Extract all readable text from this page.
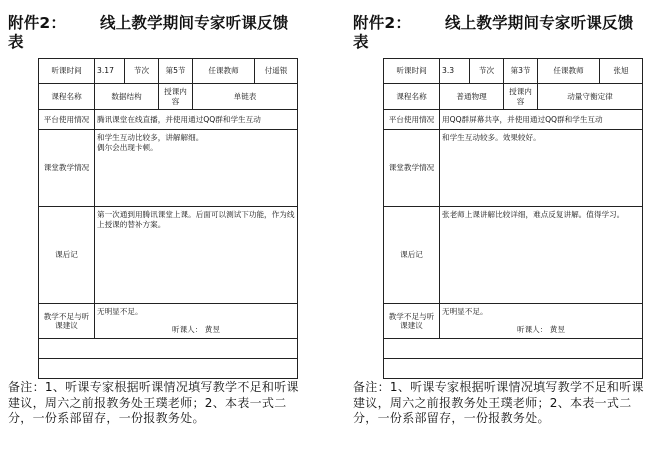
附件2： 线上教学期间专家听课反馈表
听课时间	3.17	节次	第5节	任课教师	付遥银
课程名称	数据结构		授课内容	单链表	
平台使用情况	腾讯课堂在线直播，并使用通过QQ群和学生互动				
课堂教学情况	和学生互动比较多，讲解解细。
偶尔会出现卡顿。				

课后记	第一次通到用腾讯课堂上课。后面可以测试下功能，作为线上授课的替补方案。				
教学不足与听课建议	无明显不足。
听课人： 黄昱				

备注：1、听课专家根据听课情况填写教学不足和听课建议，周六之前报教务处王璞老师；2、本表一式二分，一份系部留存，一份报教务处。
附件2： 线上教学期间专家听课反馈表
听课时间	3.3	节次	第3节	任课教师	张旭
课程名称	普通物理		授课内容	动量守衡定律	
平台使用情况	用QQ群屏幕共享，并使用通过QQ群和学生互动				
课堂教学情况	和学生互动较多。效果较好。				

课后记	张老师上课讲解比较详细，难点反复讲解。值得学习。				
教学不足与听课建议	无明显不足。
听课人： 黄昱				

备注：1、听课专家根据听课情况填写教学不足和听课建议，周六之前报教务处王璞老师；2、本表一式二分，一份系部留存，一份报教务处。
